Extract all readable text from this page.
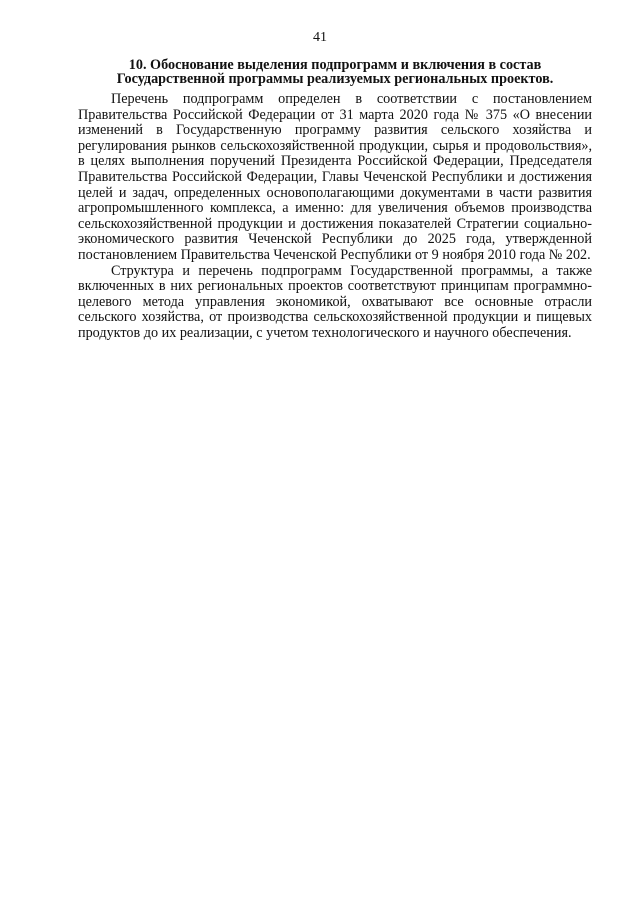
41
10. Обоснование выделения подпрограмм и включения в состав
Государственной программы реализуемых региональных проектов.

Перечень подпрограмм определен в соответствии с постановлением Правительства Российской Федерации от 31 марта 2020 года № 375 «О внесении изменений в Государственную программу развития сельского хозяйства и регулирования рынков сельскохозяйственной продукции, сырья и продовольствия», в целях выполнения поручений Президента Российской Федерации, Председателя Правительства Российской Федерации, Главы Чеченской Республики и достижения целей и задач, определенных основополагающими документами в части развития агропромышленного комплекса, а именно: для увеличения объемов производства сельскохозяйственной продукции и достижения показателей Стратегии социально-экономического развития Чеченской Республики до 2025 года, утвержденной постановлением Правительства Чеченской Республики от 9 ноября 2010 года № 202.

Структура и перечень подпрограмм Государственной программы, а также включенных в них региональных проектов соответствуют принципам программно-целевого метода управления экономикой, охватывают все основные отрасли сельского хозяйства, от производства сельскохозяйственной продукции и пищевых продуктов до их реализации, с учетом технологического и научного обеспечения.
